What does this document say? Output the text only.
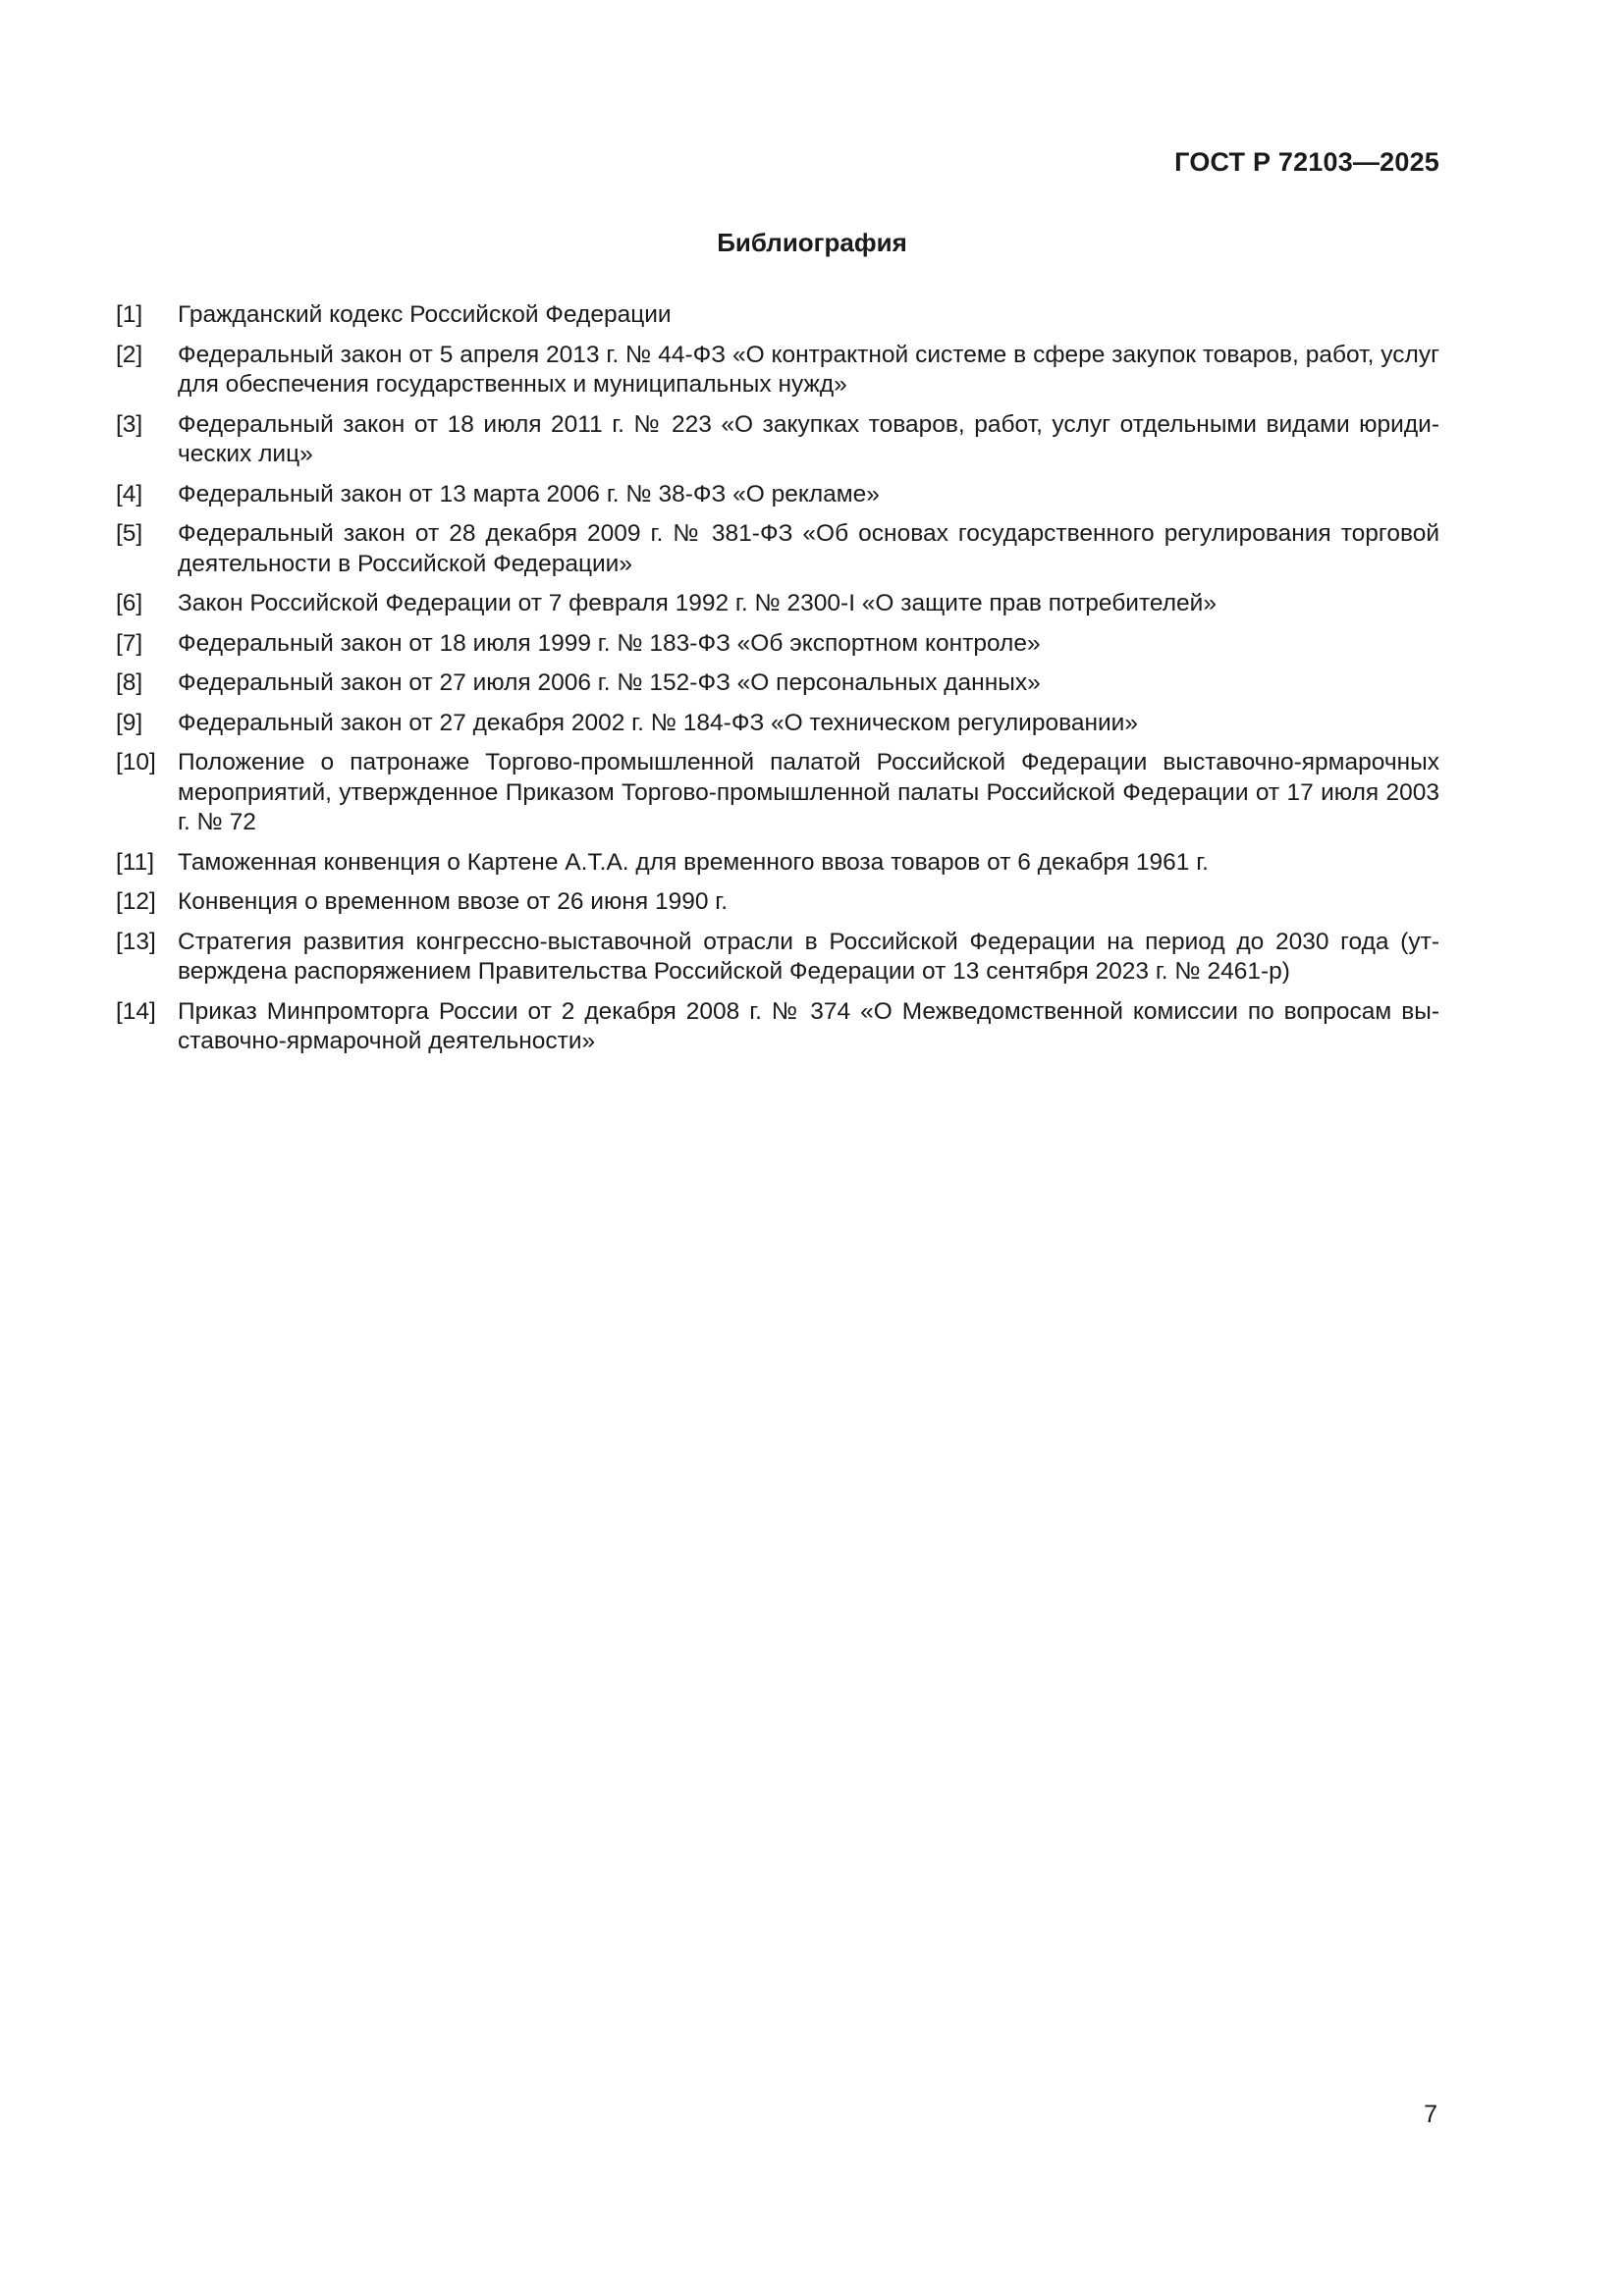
ГОСТ Р 72103—2025
Библиография
[1]	Гражданский кодекс Российской Федерации
[2]	Федеральный закон от 5 апреля 2013 г. № 44-ФЗ «О контрактной системе в сфере закупок товаров, работ, услуг для обеспечения государственных и муниципальных нужд»
[3]	Федеральный закон от 18 июля 2011 г. № 223 «О закупках товаров, работ, услуг отдельными видами юридических лиц»
[4]	Федеральный закон от 13 марта 2006 г. № 38-ФЗ «О рекламе»
[5]	Федеральный закон от 28 декабря 2009 г. № 381-ФЗ «Об основах государственного регулирования торговой деятельности в Российской Федерации»
[6]	Закон Российской Федерации от 7 февраля 1992 г. № 2300-I «О защите прав потребителей»
[7]	Федеральный закон от 18 июля 1999 г. № 183-ФЗ «Об экспортном контроле»
[8]	Федеральный закон от 27 июля 2006 г. № 152-ФЗ «О персональных данных»
[9]	Федеральный закон от 27 декабря 2002 г. № 184-ФЗ «О техническом регулировании»
[10] Положение о патронаже Торгово-промышленной палатой Российской Федерации выставочно-ярмарочных мероприятий, утвержденное Приказом Торгово-промышленной палаты Российской Федерации от 17 июля 2003 г. № 72
[11] Таможенная конвенция о Картене А.Т.А. для временного ввоза товаров от 6 декабря 1961 г.
[12] Конвенция о временном ввозе от 26 июня 1990 г.
[13] Стратегия развития конгрессно-выставочной отрасли в Российской Федерации на период до 2030 года (утверждена распоряжением Правительства Российской Федерации от 13 сентября 2023 г. № 2461-р)
[14] Приказ Минпромторга России от 2 декабря 2008 г. № 374 «О Межведомственной комиссии по вопросам выставочно-ярмарочной деятельности»
7
